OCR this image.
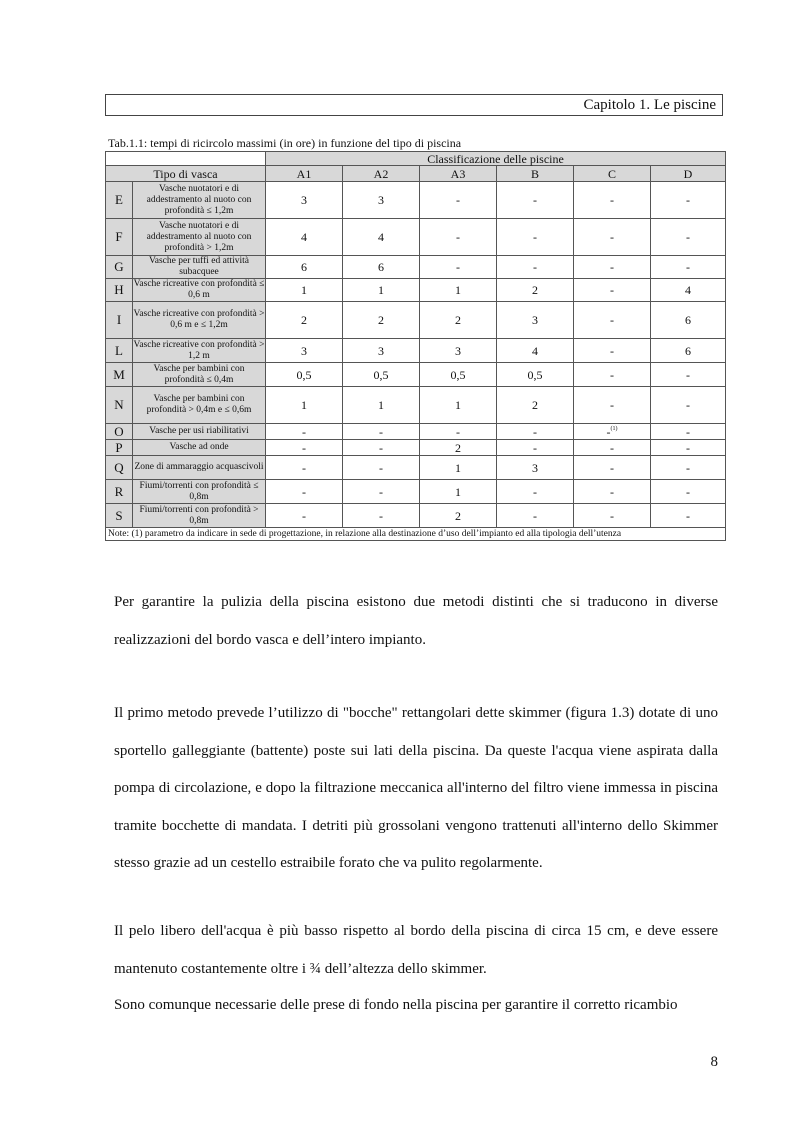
Capitolo 1. Le piscine
Tab.1.1: tempi di ricircolo massimi (in ore) in funzione del tipo di piscina
		Classificazione delle piscine					
Tipo di vasca		A1	A2	A3	B	C	D
E	Vasche nuotatori e di addestramento al nuoto con profondità ≤ 1,2m	3	3	-	-	-	-
F	Vasche nuotatori e di addestramento al nuoto con profondità > 1,2m	4	4	-	-	-	-
G	Vasche per tuffi ed attività subacquee	6	6	-	-	-	-
H	Vasche ricreative con profondità ≤ 0,6 m	1	1	1	2	-	4
I	Vasche ricreative con profondità > 0,6 m e ≤ 1,2m	2	2	2	3	-	6
L	Vasche ricreative con profondità > 1,2 m	3	3	3	4	-	6
M	Vasche per bambini con profondità ≤ 0,4m	0,5	0,5	0,5	0,5	-	-
N	Vasche per bambini con profondità > 0,4m e ≤ 0,6m	1	1	1	2	-	-
O	Vasche per usi riabilitativi	-	-	-	-	-$^{(1)}$	-
P	Vasche ad onde	-	-	2	-	-	-
Q	Zone di ammaraggio acquascivoli	-	-	1	3	-	-
R	Fiumi/torrenti con profondità ≤ 0,8m	-	-	1	-	-	-
S	Fiumi/torrenti con profondità > 0,8m	-	-	2	-	-	-
Note: (1) parametro da indicare in sede di progettazione, in relazione alla destinazione d’uso dell’impianto ed alla tipologia dell’utenza							

Per garantire la pulizia della piscina esistono due metodi distinti che si traducono in diverse realizzazioni del bordo vasca e dell’intero impianto.

Il primo metodo prevede l’utilizzo di "bocche" rettangolari dette skimmer (figura 1.3) dotate di uno sportello galleggiante (battente) poste sui lati della piscina. Da queste l'acqua viene aspirata dalla pompa di circolazione, e dopo la filtrazione meccanica all'interno del filtro viene immessa in piscina tramite bocchette di mandata. I detriti più grossolani vengono trattenuti all'interno dello Skimmer stesso grazie ad un cestello estraibile forato che va pulito regolarmente.

Il pelo libero dell'acqua è più basso rispetto al bordo della piscina di circa 15 cm, e deve essere mantenuto costantemente oltre i ¾ dell’altezza dello skimmer.

Sono comunque necessarie delle prese di fondo nella piscina per garantire il corretto ricambio

8
